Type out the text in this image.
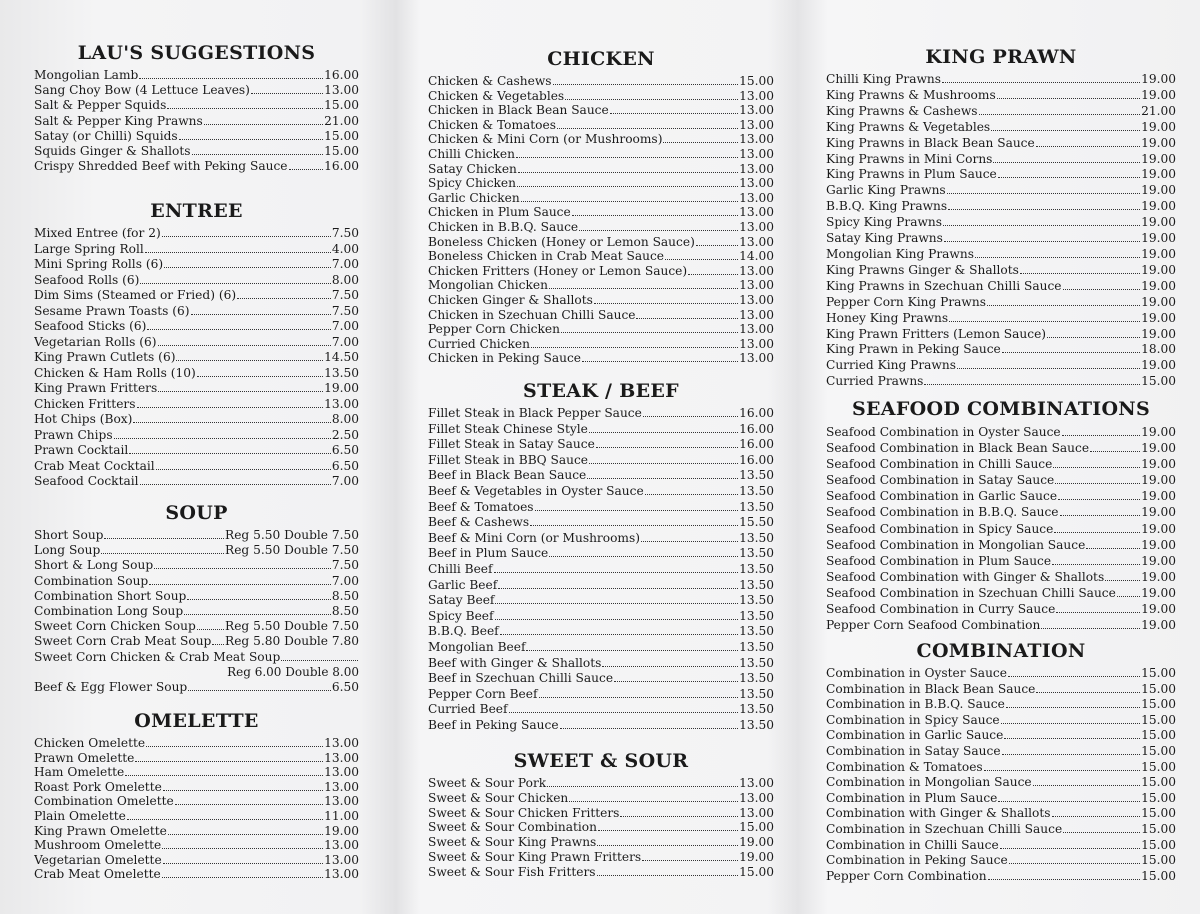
LAU'S SUGGESTIONS
Mongolian Lamb	16.00
Sang Choy Bow (4 Lettuce Leaves)	13.00
Salt & Pepper Squids	15.00
Salt & Pepper King Prawns	21.00
Satay (or Chilli) Squids	15.00
Squids Ginger & Shallots	15.00
Crispy Shredded Beef with Peking Sauce	16.00
ENTREE
Mixed Entree (for 2)	7.50
Large Spring Roll	4.00
Mini Spring Rolls (6)	7.00
Seafood Rolls (6)	8.00
Dim Sims (Steamed or Fried) (6)	7.50
Sesame Prawn Toasts (6)	7.50
Seafood Sticks (6)	7.00
Vegetarian Rolls (6)	7.00
King Prawn Cutlets (6)	14.50
Chicken & Ham Rolls (10)	13.50
King Prawn Fritters	19.00
Chicken Fritters	13.00
Hot Chips (Box)	8.00
Prawn Chips	2.50
Prawn Cocktail	6.50
Crab Meat Cocktail	6.50
Seafood Cocktail	7.00
SOUP
Short Soup	Reg 5.50 Double 7.50
Long Soup	Reg 5.50 Double 7.50
Short & Long Soup	7.50
Combination Soup	7.00
Combination Short Soup	8.50
Combination Long Soup	8.50
Sweet Corn Chicken Soup Reg 5.50 Double 7.50
Sweet Corn Crab Meat Soup Reg 5.80 Double 7.80
Sweet Corn Chicken & Crab Meat Soup
Reg 6.00 Double 8.00
Beef & Egg Flower Soup	6.50
OMELETTE
Chicken Omelette	13.00
Prawn Omelette	13.00
Ham Omelette	13.00
Roast Pork Omelette	13.00
Combination Omelette	13.00
Plain Omelette	11.00
King Prawn Omelette	19.00
Mushroom Omelette	13.00
Vegetarian Omelette	13.00
Crab Meat Omelette	13.00
CHICKEN
Chicken & Cashews	15.00
Chicken & Vegetables	13.00
Chicken in Black Bean Sauce	13.00
Chicken & Tomatoes	13.00
Chicken & Mini Corn (or Mushrooms)	13.00
Chilli Chicken	13.00
Satay Chicken	13.00
Spicy Chicken	13.00
Garlic Chicken	13.00
Chicken in Plum Sauce	13.00
Chicken in B.B.Q. Sauce	13.00
Boneless Chicken (Honey or Lemon Sauce)	13.00
Boneless Chicken in Crab Meat Sauce	14.00
Chicken Fritters (Honey or Lemon Sauce)	13.00
Mongolian Chicken	13.00
Chicken Ginger & Shallots	13.00
Chicken in Szechuan Chilli Sauce	13.00
Pepper Corn Chicken	13.00
Curried Chicken	13.00
Chicken in Peking Sauce	13.00
STEAK / BEEF
Fillet Steak in Black Pepper Sauce	16.00
Fillet Steak Chinese Style	16.00
Fillet Steak in Satay Sauce	16.00
Fillet Steak in BBQ Sauce	16.00
Beef in Black Bean Sauce	13.50
Beef & Vegetables in Oyster Sauce	13.50
Beef & Tomatoes	13.50
Beef & Cashews	15.50
Beef & Mini Corn (or Mushrooms)	13.50
Beef in Plum Sauce	13.50
Chilli Beef	13.50
Garlic Beef	13.50
Satay Beef	13.50
Spicy Beef	13.50
B.B.Q. Beef	13.50
Mongolian Beef	13.50
Beef with Ginger & Shallots	13.50
Beef in Szechuan Chilli Sauce	13.50
Pepper Corn Beef	13.50
Curried Beef	13.50
Beef in Peking Sauce	13.50
SWEET & SOUR
Sweet & Sour Pork	13.00
Sweet & Sour Chicken	13.00
Sweet & Sour Chicken Fritters	13.00
Sweet & Sour Combination	15.00
Sweet & Sour King Prawns	19.00
Sweet & Sour King Prawn Fritters	19.00
Sweet & Sour Fish Fritters	15.00
KING PRAWN
Chilli King Prawns	19.00
King Prawns & Mushrooms	19.00
King Prawns & Cashews	21.00
King Prawns & Vegetables	19.00
King Prawns in Black Bean Sauce	19.00
King Prawns in Mini Corns	19.00
King Prawns in Plum Sauce	19.00
Garlic King Prawns	19.00
B.B.Q. King Prawns	19.00
Spicy King Prawns	19.00
Satay King Prawns	19.00
Mongolian King Prawns	19.00
King Prawns Ginger & Shallots	19.00
King Prawns in Szechuan Chilli Sauce	19.00
Pepper Corn King Prawns	19.00
Honey King Prawns	19.00
King Prawn Fritters (Lemon Sauce)	19.00
King Prawn in Peking Sauce	18.00
Curried King Prawns	19.00
Curried Prawns	15.00
SEAFOOD COMBINATIONS
Seafood Combination in Oyster Sauce	19.00
Seafood Combination in Black Bean Sauce	19.00
Seafood Combination in Chilli Sauce	19.00
Seafood Combination in Satay Sauce	19.00
Seafood Combination in Garlic Sauce	19.00
Seafood Combination in B.B.Q. Sauce	19.00
Seafood Combination in Spicy Sauce	19.00
Seafood Combination in Mongolian Sauce	19.00
Seafood Combination in Plum Sauce	19.00
Seafood Combination with Ginger & Shallots	19.00
Seafood Combination in Szechuan Chilli Sauce 19.00
Seafood Combination in Curry Sauce	19.00
Pepper Corn Seafood Combination	19.00
COMBINATION
Combination in Oyster Sauce	15.00
Combination in Black Bean Sauce	15.00
Combination in B.B.Q. Sauce	15.00
Combination in Spicy Sauce	15.00
Combination in Garlic Sauce	15.00
Combination in Satay Sauce	15.00
Combination & Tomatoes	15.00
Combination in Mongolian Sauce	15.00
Combination in Plum Sauce	15.00
Combination with Ginger & Shallots	15.00
Combination in Szechuan Chilli Sauce	15.00
Combination in Chilli Sauce	15.00
Combination in Peking Sauce	15.00
Pepper Corn Combination	15.00
